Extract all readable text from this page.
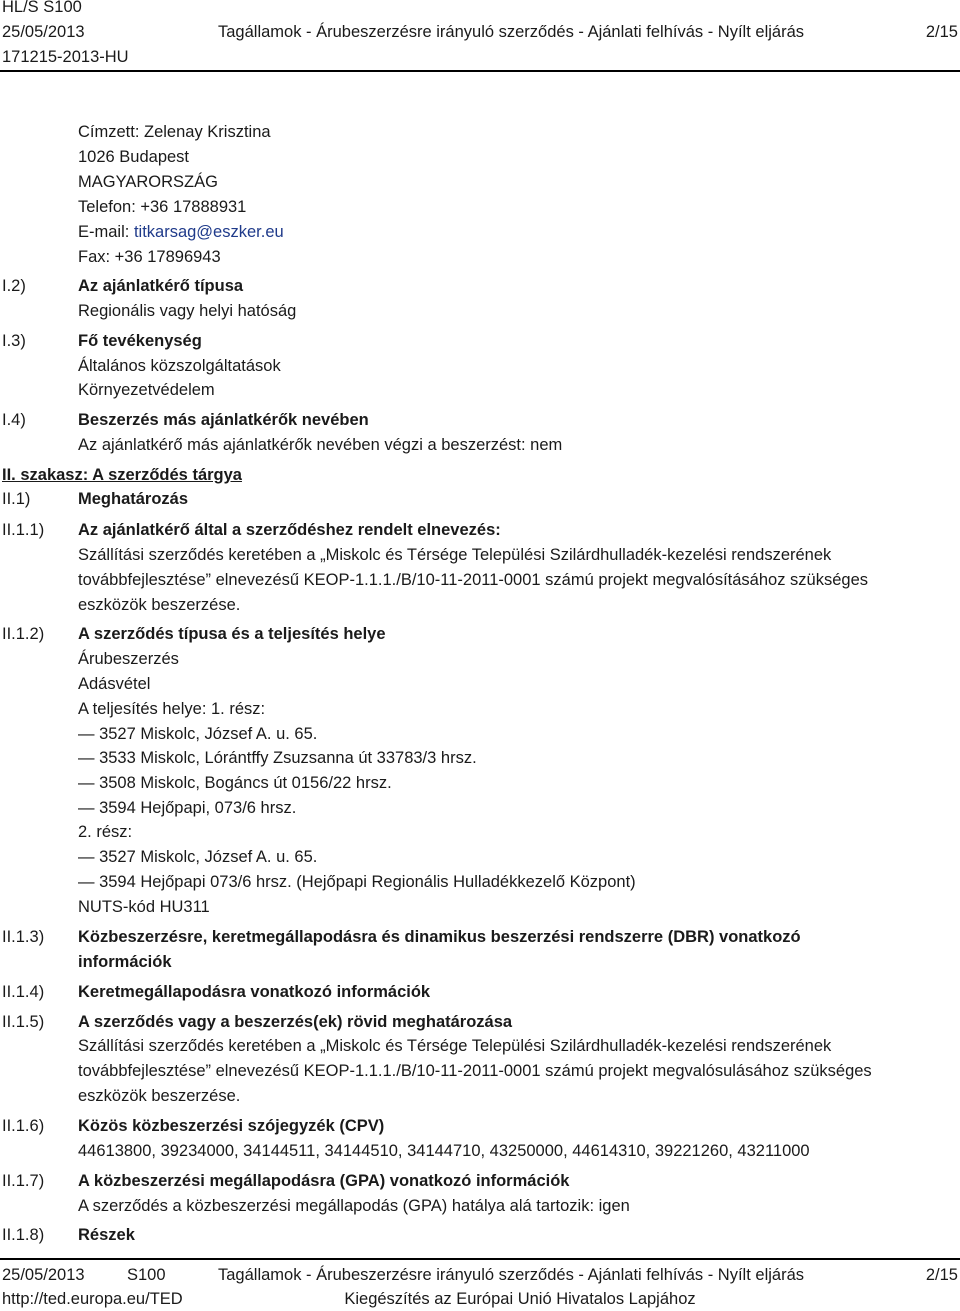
HL/S S100
25/05/2013	Tagállamok - Árubeszerzésre irányuló szerződés - Ajánlati felhívás - Nyílt eljárás	2/15
171215-2013-HU
Címzett: Zelenay Krisztina
1026 Budapest
MAGYARORSZÁG
Telefon: +36 17888931
E-mail: titkarsag@eszker.eu
Fax: +36 17896943
I.2)	Az ajánlatkérő típusa
Regionális vagy helyi hatóság
I.3)	Fő tevékenység
Általános közszolgáltatások
Környezetvédelem
I.4)	Beszerzés más ajánlatkérők nevében
Az ajánlatkérő más ajánlatkérők nevében végzi a beszerzést: nem
II. szakasz: A szerződés tárgya
II.1)	Meghatározás
II.1.1) Az ajánlatkérő által a szerződéshez rendelt elnevezés:
Szállítási szerződés keretében a „Miskolc és Térsége Települési Szilárdhulladék-kezelési rendszerének
továbbfejlesztése” elnevezésű KEOP-1.1.1./B/10-11-2011-0001 számú projekt megvalósításához szükséges
eszközök beszerzése.
II.1.2) A szerződés típusa és a teljesítés helye
Árubeszerzés
Adásvétel
A teljesítés helye: 1. rész:
— 3527 Miskolc, József A. u. 65.
— 3533 Miskolc, Lórántffy Zsuzsanna út 33783/3 hrsz.
— 3508 Miskolc, Bogáncs út 0156/22 hrsz.
— 3594 Hejőpapi, 073/6 hrsz.
2. rész:
— 3527 Miskolc, József A. u. 65.
— 3594 Hejőpapi 073/6 hrsz. (Hejőpapi Regionális Hulladékkezelő Központ)
NUTS-kód HU311
II.1.3) Közbeszerzésre, keretmegállapodásra és dinamikus beszerzési rendszerre (DBR) vonatkozó
információk
II.1.4) Keretmegállapodásra vonatkozó információk
II.1.5) A szerződés vagy a beszerzés(ek) rövid meghatározása
Szállítási szerződés keretében a „Miskolc és Térsége Települési Szilárdhulladék-kezelési rendszerének
továbbfejlesztése” elnevezésű KEOP-1.1.1./B/10-11-2011-0001 számú projekt megvalósulásához szükséges
eszközök beszerzése.
II.1.6) Közös közbeszerzési szójegyzék (CPV)
44613800, 39234000, 34144511, 34144510, 34144710, 43250000, 44614310, 39221260, 43211000
II.1.7) A közbeszerzési megállapodásra (GPA) vonatkozó információk
A szerződés a közbeszerzési megállapodás (GPA) hatálya alá tartozik: igen
II.1.8) Részek
25/05/2013	S100	Tagállamok - Árubeszerzésre irányuló szerződés - Ajánlati felhívás - Nyílt eljárás	2/15
http://ted.europa.eu/TED	Kiegészítés az Európai Unió Hivatalos Lapjához
